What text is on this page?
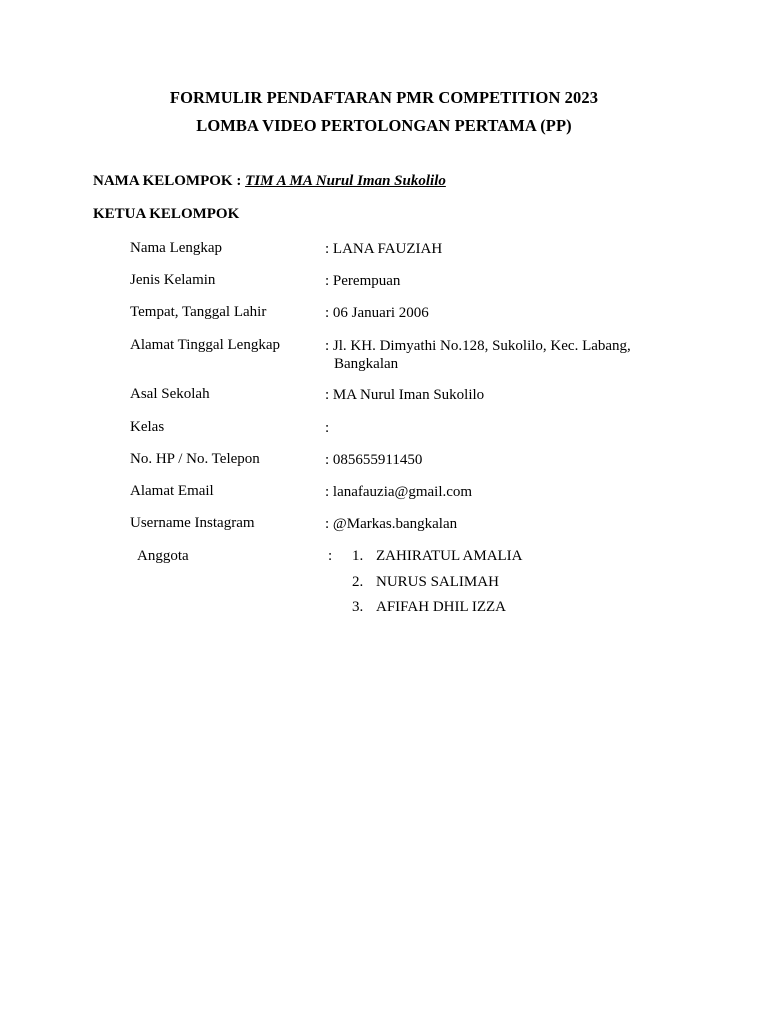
FORMULIR PENDAFTARAN PMR COMPETITION 2023
LOMBA VIDEO PERTOLONGAN PERTAMA (PP)
NAMA KELOMPOK : TIM A MA Nurul Iman Sukolilo
KETUA KELOMPOK
Nama Lengkap	: LANA FAUZIAH
Jenis Kelamin	: Perempuan
Tempat, Tanggal Lahir	: 06 Januari 2006
Alamat Tinggal Lengkap	: Jl. KH. Dimyathi No.128, Sukolilo, Kec. Labang,
Bangkalan
Asal Sekolah	: MA Nurul Iman Sukolilo
Kelas	:
No. HP / No. Telepon	: 085655911450
Alamat Email	: lanafauzia@gmail.com
Username Instagram	: @Markas.bangkalan
Anggota	: 1. ZAHIRATUL AMALIA
2. NURUS SALIMAH
3. AFIFAH DHIL IZZA
